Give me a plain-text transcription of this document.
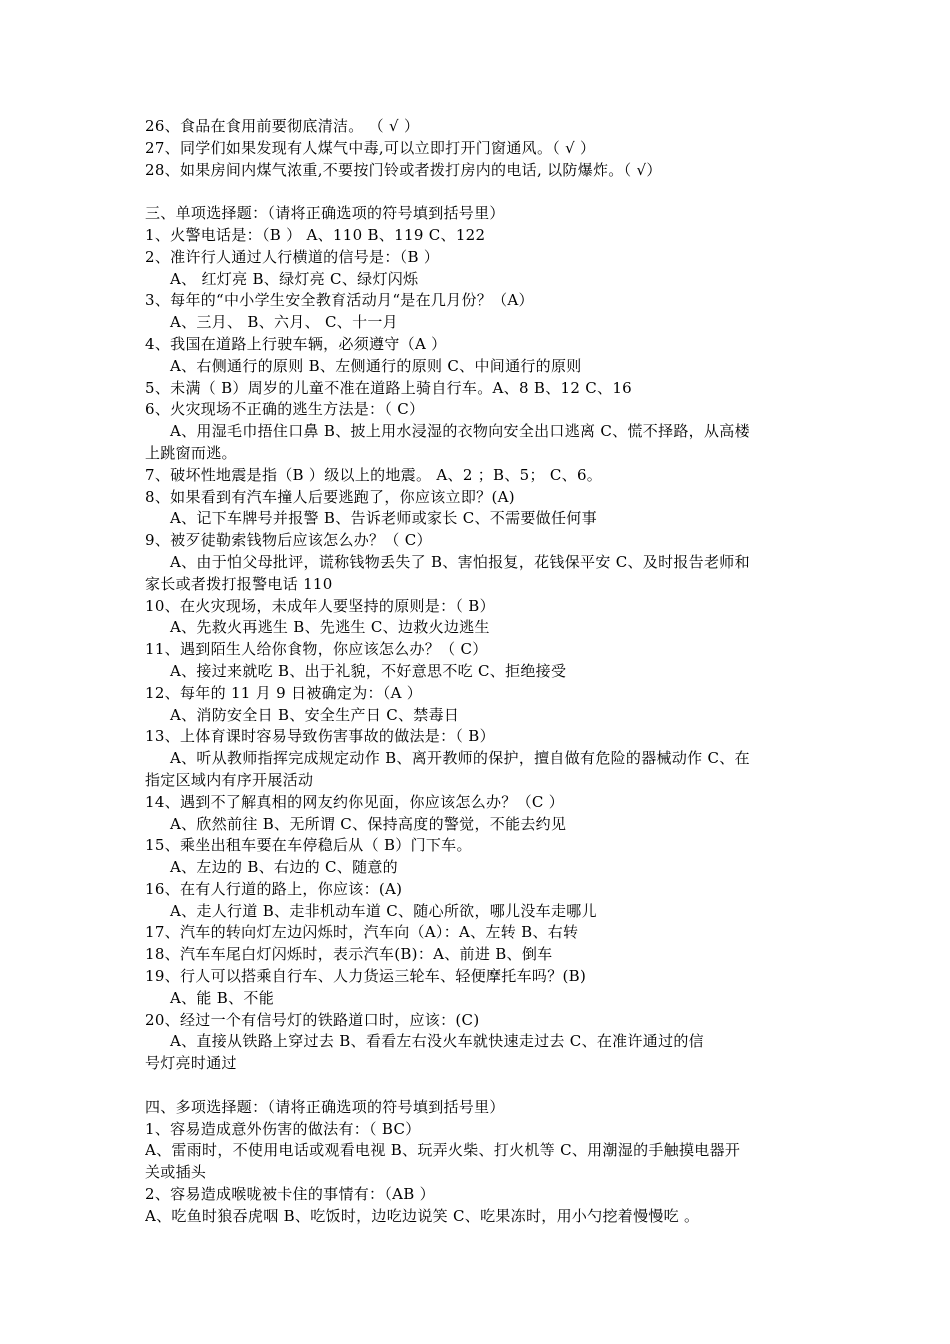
26、食品在食用前要彻底清洁。 （ √ ）
27、同学们如果发现有人煤气中毒,可以立即打开门窗通风。（ √ ）
28、如果房间内煤气浓重,不要按门铃或者拨打房内的电话, 以防爆炸。（ √）
三、单项选择题：（请将正确选项的符号填到括号里）
1、火警电话是：（B ） A、110 B、119 C、122
2、准许行人通过人行横道的信号是：（B ）
A、 红灯亮 B、绿灯亮 C、绿灯闪烁
3、每年的“中小学生安全教育活动月“是在几月份？（A）
A、三月、 B、六月、 C、十一月
4、我国在道路上行驶车辆，必须遵守（A ）
A、右侧通行的原则 B、左侧通行的原则 C、中间通行的原则
5、未满（ B）周岁的儿童不准在道路上骑自行车。A、8 B、12 C、16
6、火灾现场不正确的逃生方法是：（ C）
A、用湿毛巾捂住口鼻 B、披上用水浸湿的衣物向安全出口逃离 C、慌不择路，从高楼
上跳窗而逃。
7、破坏性地震是指（B ）级以上的地震。 A、2 ；B、5； C、6。
8、如果看到有汽车撞人后要逃跑了，你应该立即？(A)
A、记下车牌号并报警 B、告诉老师或家长 C、不需要做任何事
9、被歹徒勒索钱物后应该怎么办？（ C）
A、由于怕父母批评，谎称钱物丢失了 B、害怕报复，花钱保平安 C、及时报告老师和
家长或者拨打报警电话 110
10、在火灾现场，未成年人要坚持的原则是：（ B）
A、先救火再逃生 B、先逃生 C、边救火边逃生
11、遇到陌生人给你食物，你应该怎么办？（ C）
A、接过来就吃 B、出于礼貌，不好意思不吃 C、拒绝接受
12、每年的 11 月 9 日被确定为：（A ）
A、消防安全日 B、安全生产日 C、禁毒日
13、上体育课时容易导致伤害事故的做法是：（ B）
A、听从教师指挥完成规定动作 B、离开教师的保护，擅自做有危险的器械动作 C、在
指定区域内有序开展活动
14、遇到不了解真相的网友约你见面，你应该怎么办？（C ）
A、欣然前往 B、无所谓 C、保持高度的警觉，不能去约见
15、乘坐出租车要在车停稳后从（ B）门下车。
A、左边的 B、右边的 C、随意的
16、在有人行道的路上，你应该：(A)
A、走人行道 B、走非机动车道 C、随心所欲，哪儿没车走哪儿
17、汽车的转向灯左边闪烁时，汽车向（A）：A、左转 B、右转
18、汽车车尾白灯闪烁时，表示汽车(B)：A、前进 B、倒车
19、行人可以搭乘自行车、人力货运三轮车、轻便摩托车吗？(B)
A、能 B、不能
20、经过一个有信号灯的铁路道口时，应该：(C)
A、直接从铁路上穿过去 B、看看左右没火车就快速走过去 C、在准许通过的信
号灯亮时通过
四、多项选择题：（请将正确选项的符号填到括号里）
1、容易造成意外伤害的做法有：（ BC）
A、雷雨时，不使用电话或观看电视 B、玩弄火柴、打火机等 C、用潮湿的手触摸电器开
关或插头
2、容易造成喉咙被卡住的事情有：（AB ）
A、吃鱼时狼吞虎咽 B、吃饭时，边吃边说笑 C、吃果冻时，用小勺挖着慢慢吃 。
